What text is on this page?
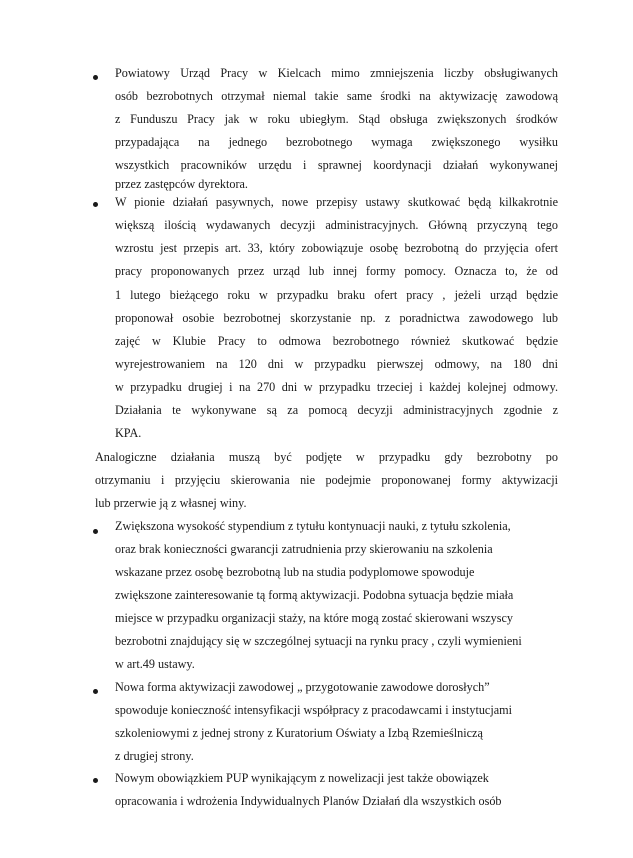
Powiatowy Urząd Pracy w Kielcach mimo zmniejszenia liczby obsługiwanych
osób bezrobotnych otrzymał niemal takie same środki na aktywizację zawodową
z Funduszu Pracy jak w roku ubiegłym. Stąd obsługa zwiększonych środków
przypadająca na jednego bezrobotnego wymaga zwiększonego wysiłku
wszystkich pracowników urzędu i sprawnej koordynacji działań wykonywanej
przez zastępców dyrektora.
W pionie działań pasywnych, nowe przepisy ustawy skutkować będą kilkakrotnie
większą ilością wydawanych decyzji administracyjnych. Główną przyczyną tego
wzrostu jest przepis art. 33, który zobowiązuje osobę bezrobotną do przyjęcia ofert
pracy proponowanych przez urząd lub innej formy pomocy. Oznacza to, że od
1 lutego bieżącego roku w przypadku braku ofert pracy , jeżeli urząd będzie
proponował osobie bezrobotnej skorzystanie np. z poradnictwa zawodowego lub
zajęć w Klubie Pracy to odmowa bezrobotnego również skutkować będzie
wyrejestrowaniem na 120 dni w przypadku pierwszej odmowy, na 180 dni
w przypadku drugiej i na 270 dni w przypadku trzeciej i każdej kolejnej odmowy.
Działania te wykonywane są za pomocą decyzji administracyjnych zgodnie z
KPA.
Analogiczne działania muszą być podjęte w przypadku gdy bezrobotny po
otrzymaniu i przyjęciu skierowania nie podejmie proponowanej formy aktywizacji
lub przerwie ją z własnej winy.
Zwiększona wysokość stypendium z tytułu kontynuacji nauki, z tytułu szkolenia,
oraz brak konieczności gwarancji zatrudnienia przy skierowaniu na szkolenia
wskazane przez osobę bezrobotną lub na studia podyplomowe spowoduje
zwiększone zainteresowanie tą formą aktywizacji. Podobna sytuacja będzie miała
miejsce w przypadku organizacji staży, na które mogą zostać skierowani wszyscy
bezrobotni znajdujący się w szczególnej sytuacji na rynku pracy , czyli wymienieni
w art.49 ustawy.
Nowa forma aktywizacji zawodowej „ przygotowanie zawodowe dorosłych”
spowoduje konieczność intensyfikacji współpracy z pracodawcami i instytucjami
szkoleniowymi z jednej strony z Kuratorium Oświaty a Izbą Rzemieślniczą
z drugiej strony.
Nowym obowiązkiem PUP wynikającym z nowelizacji jest także obowiązek
opracowania i wdrożenia Indywidualnych Planów Działań dla wszystkich osób
